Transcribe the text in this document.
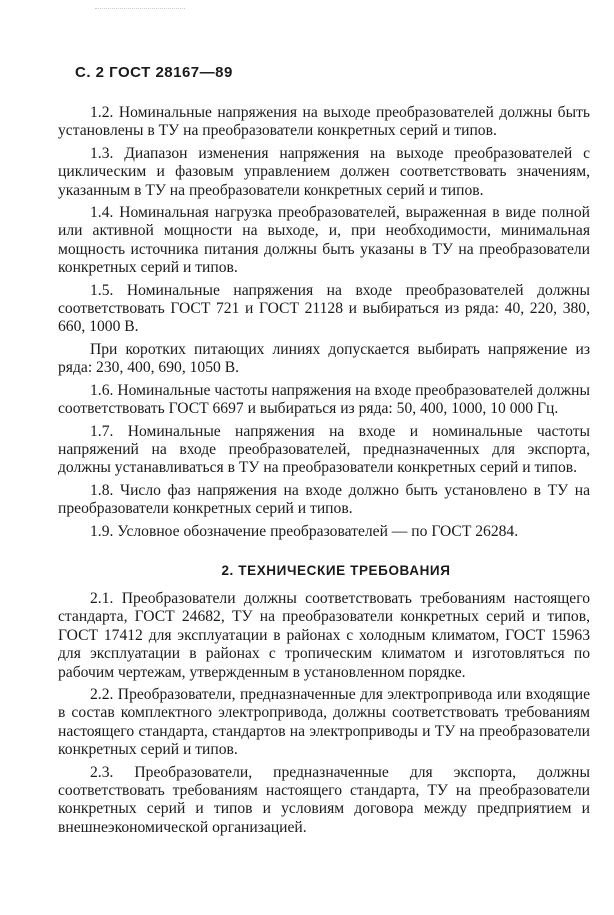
С. 2 ГОСТ 28167—89

1.2. Номинальные напряжения на выходе преобразователей должны быть установлены в ТУ на преобразователи конкретных серий и типов.

1.3. Диапазон изменения напряжения на выходе преобразователей с циклическим и фазовым управлением должен соответствовать значениям, указанным в ТУ на преобразователи конкретных серий и типов.

1.4. Номинальная нагрузка преобразователей, выраженная в виде полной или активной мощности на выходе, и, при необходимости, минимальная мощность источника питания должны быть указаны в ТУ на преобразователи конкретных серий и типов.

1.5. Номинальные напряжения на входе преобразователей должны соответствовать ГОСТ 721 и ГОСТ 21128 и выбираться из ряда: 40, 220, 380, 660, 1000 В.

При коротких питающих линиях допускается выбирать напряжение из ряда: 230, 400, 690, 1050 В.

1.6. Номинальные частоты напряжения на входе преобразователей должны соответствовать ГОСТ 6697 и выбираться из ряда: 50, 400, 1000, 10 000 Гц.

1.7. Номинальные напряжения на входе и номинальные частоты напряжений на входе преобразователей, предназначенных для экспорта, должны устанавливаться в ТУ на преобразователи конкретных серий и типов.

1.8. Число фаз напряжения на входе должно быть установлено в ТУ на преобразователи конкретных серий и типов.

1.9. Условное обозначение преобразователей — по ГОСТ 26284.

2. ТЕХНИЧЕСКИЕ ТРЕБОВАНИЯ

2.1. Преобразователи должны соответствовать требованиям настоящего стандарта, ГОСТ 24682, ТУ на преобразователи конкретных серий и типов, ГОСТ 17412 для эксплуатации в районах с холодным климатом, ГОСТ 15963 для эксплуатации в районах с тропическим климатом и изготовляться по рабочим чертежам, утвержденным в установленном порядке.

2.2. Преобразователи, предназначенные для электропривода или входящие в состав комплектного электропривода, должны соответствовать требованиям настоящего стандарта, стандартов на электроприводы и ТУ на преобразователи конкретных серий и типов.

2.3. Преобразователи, предназначенные для экспорта, должны соответствовать требованиям настоящего стандарта, ТУ на преобразователи конкретных серий и типов и условиям договора между предприятием и внешнеэкономической организацией.
